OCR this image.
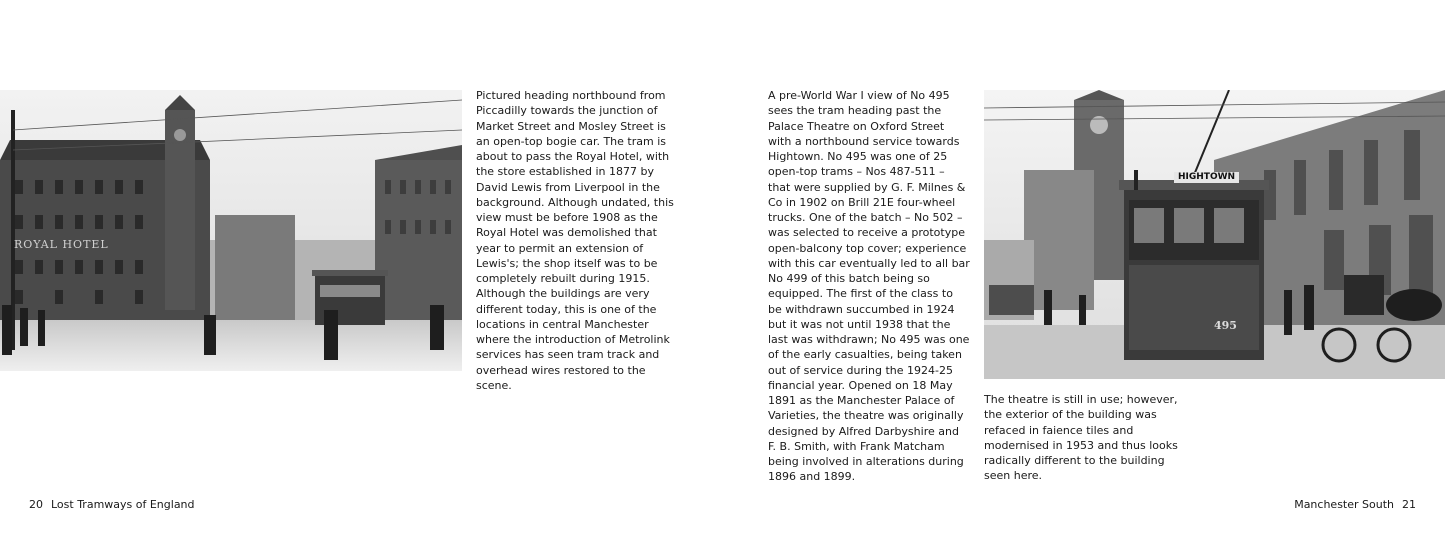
ROYAL HOTEL

Pictured heading northbound from Piccadilly towards the junction of Market Street and Mosley Street is an open-top bogie car. The tram is about to pass the Royal Hotel, with the store established in 1877 by David Lewis from Liverpool in the background. Although undated, this view must be before 1908 as the Royal Hotel was demolished that year to permit an extension of Lewis's; the shop itself was to be completely rebuilt during 1915. Although the buildings are very different today, this is one of the locations in central Manchester where the introduction of Metrolink services has seen tram track and overhead wires restored to the scene.

A pre-World War I view of No 495 sees the tram heading past the Palace Theatre on Oxford Street with a northbound service towards Hightown. No 495 was one of 25 open-top trams – Nos 487-511 – that were supplied by G. F. Milnes & Co in 1902 on Brill 21E four-wheel trucks. One of the batch – No 502 – was selected to receive a prototype open-balcony top cover; experience with this car eventually led to all bar No 499 of this batch being so equipped. The first of the class to be withdrawn succumbed in 1924 but it was not until 1938 that the last was withdrawn; No 495 was one of the early casualties, being taken out of service during the 1924-25 financial year. Opened on 18 May 1891 as the Manchester Palace of Varieties, the theatre was originally designed by Alfred Darbyshire and F. B. Smith, with Frank Matcham being involved in alterations during 1896 and 1899.

HIGHTOWN
495

The theatre is still in use; however, the exterior of the building was refaced in faience tiles and modernised in 1953 and thus looks radically different to the building seen here.

20 Lost Tramways of England	Manchester South 21
